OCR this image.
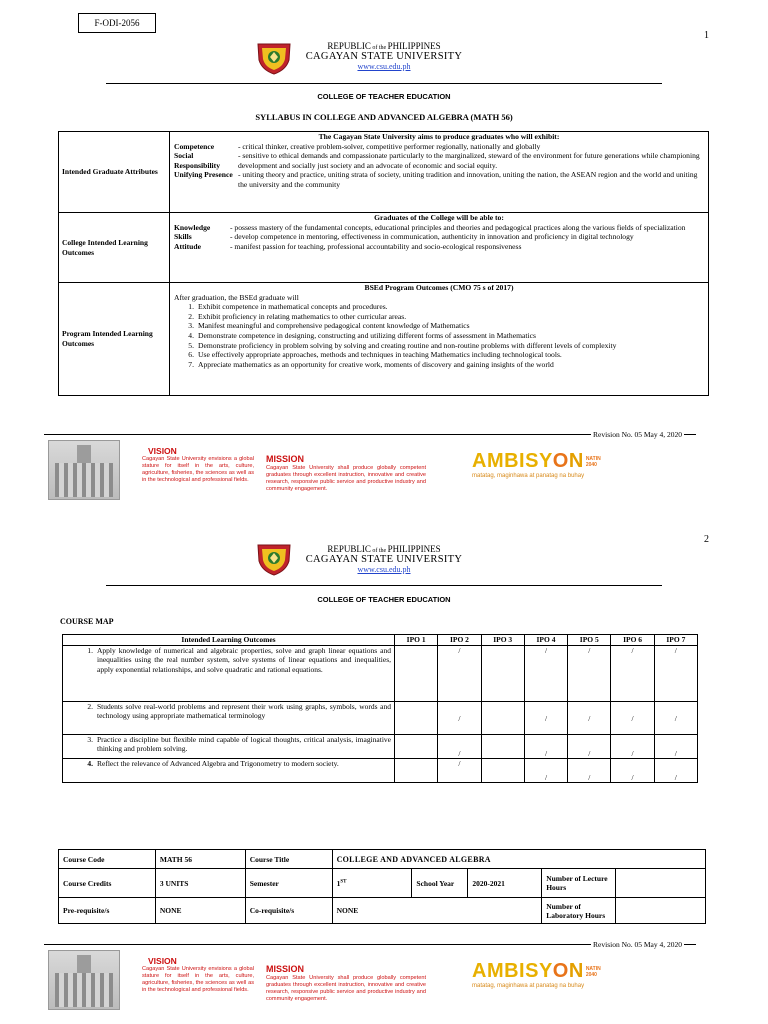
1
F-ODI-2056
REPUBLIC of the PHILIPPINES
CAGAYAN STATE UNIVERSITY
www.csu.edu.ph
COLLEGE OF TEACHER EDUCATION
SYLLABUS IN COLLEGE AND ADVANCED ALGEBRA (MATH 56)
Intended Graduate Attributes
The Cagayan State University aims to produce graduates who will exhibit:
Competence	- critical thinker, creative problem-solver, competitive performer regionally, nationally and globally
Social Responsibility
- sensitive to ethical demands and compassionate particularly to the marginalized, steward of the environment for future generations while championing development and socially just society and an advocate of economic and social equity.
Unifying Presence - uniting theory and practice, uniting strata of society, uniting tradition and innovation, uniting the nation, the ASEAN region and the world and uniting the university and the community
College Intended Learning Outcomes
Graduates of the College will be able to:
Knowledge	- possess mastery of the fundamental concepts, educational principles and theories and pedagogical practices along the various fields of specialization
Skills	- develop competence in mentoring, effectiveness in communication, authenticity in innovation and proficiency in digital technology
Attitude	- manifest passion for teaching, professional accountability and socio-ecological responsiveness
Program Intended Learning Outcomes
BSEd Program Outcomes (CMO 75 s of 2017)
After graduation, the BSEd graduate will
1. Exhibit competence in mathematical concepts and procedures.
2. Exhibit proficiency in relating mathematics to other curricular areas.
3. Manifest meaningful and comprehensive pedagogical content knowledge of Mathematics
4. Demonstrate competence in designing, constructing and utilizing different forms of assessment in Mathematics
5. Demonstrate proficiency in problem solving by solving and creating routine and non-routine problems with different levels of complexity
6. Use effectively appropriate approaches, methods and techniques in teaching Mathematics including technological tools.
7. Appreciate mathematics as an opportunity for creative work, moments of discovery and gaining insights of the world
Revision No. 05 May 4, 2020
VISION
Cagayan State University envisions a global stature for itself in the arts, culture, agriculture, fisheries, the sciences as well as in the technological and professional fields.
MISSION
Cagayan State University shall produce globally competent graduates through excellent instruction, innovative and creative research, responsive public service and productive industry and community engagement.
AMBISYON NATIN
2040
matatag, maginhawa at panatag na buhay
2
REPUBLIC of the PHILIPPINES
CAGAYAN STATE UNIVERSITY
www.csu.edu.ph
COLLEGE OF TEACHER EDUCATION
COURSE MAP
Intended Learning Outcomes	IPO 1	IPO 2	IPO 3	IPO 4	IPO 5	IPO 6	IPO 7

1. Apply knowledge of numerical and algebraic properties, solve and graph linear equations and inequalities using the real number system, solve systems of linear equations and inequalities, apply exponential relationships, and solve quadratic and rational equations.		/		/	/	/	/

2. Students solve real-world problems and represent their work using graphs, symbols, words and technology using appropriate mathematical terminology		/		/	/	/	/

3. Practice a discipline but flexible mind capable of logical thoughts, critical analysis, imaginative thinking and problem solving.		/		/	/	/	/

4. Reflect the relevance of Advanced Algebra and Trigonometry to modern society.		/		/	/	/	/
Course Code	MATH 56	Course Title	COLLEGE AND ADVANCED ALGEBRA				
Course Credits	3 UNITS	Semester	1ST	School Year	2020-2021	Number of Lecture Hours	
Pre-requisite/s	NONE	Co-requisite/s	NONE			Number of Laboratory Hours	
Revision No. 05 May 4, 2020
VISION
Cagayan State University envisions a global stature for itself in the arts, culture, agriculture, fisheries, the sciences as well as in the technological and professional fields.
MISSION
Cagayan State University shall produce globally competent graduates through excellent instruction, innovative and creative research, responsive public service and productive industry and community engagement.
AMBISYON NATIN
2040
matatag, maginhawa at panatag na buhay
